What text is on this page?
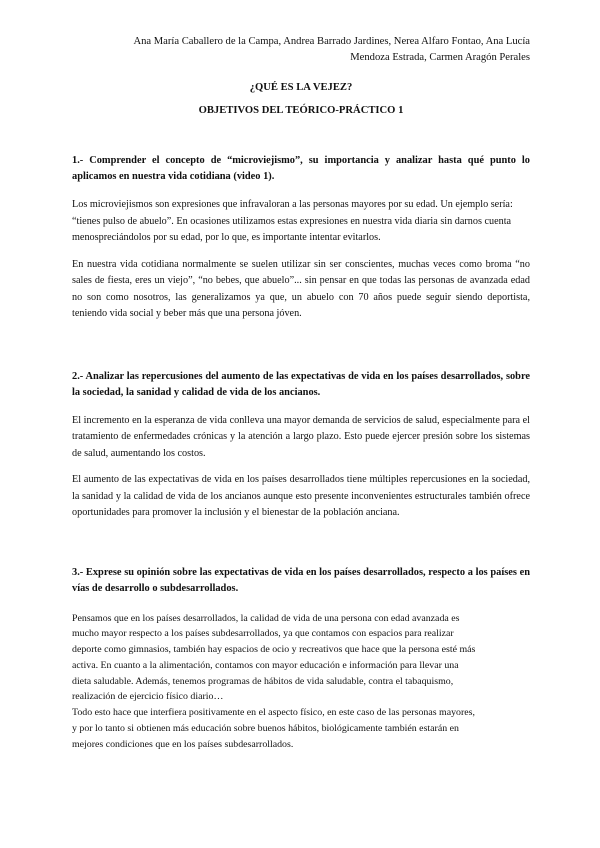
Ana María Caballero de la Campa, Andrea Barrado Jardines, Nerea Alfaro Fontao, Ana Lucía
Mendoza Estrada, Carmen Aragón Perales
¿QUÉ ES LA VEJEZ?
OBJETIVOS DEL TEÓRICO-PRÁCTICO 1
1.- Comprender el concepto de “microviejismo”, su importancia y analizar hasta qué punto lo aplicamos en nuestra vida cotidiana (video 1).

Los microviejismos son expresiones que infravaloran a las personas mayores por su edad. Un ejemplo sería: “tienes pulso de abuelo”. En ocasiones utilizamos estas expresiones en nuestra vida diaria sin darnos cuenta menospreciándolos por su edad, por lo que, es importante intentar evitarlos.

En nuestra vida cotidiana normalmente se suelen utilizar sin ser conscientes, muchas veces como broma “no sales de fiesta, eres un viejo”, “no bebes, que abuelo”... sin pensar en que todas las personas de avanzada edad no son como nosotros, las generalizamos ya que, un abuelo con 70 años puede seguir siendo deportista, teniendo vida social y beber más que una persona jóven.

2.- Analizar las repercusiones del aumento de las expectativas de vida en los países desarrollados, sobre la sociedad, la sanidad y calidad de vida de los ancianos.

El incremento en la esperanza de vida conlleva una mayor demanda de servicios de salud, especialmente para el tratamiento de enfermedades crónicas y la atención a largo plazo. Esto puede ejercer presión sobre los sistemas de salud, aumentando los costos.

El aumento de las expectativas de vida en los países desarrollados tiene múltiples repercusiones en la sociedad, la sanidad y la calidad de vida de los ancianos aunque esto presente inconvenientes estructurales también ofrece oportunidades para promover la inclusión y el bienestar de la población anciana.

3.- Exprese su opinión sobre las expectativas de vida en los países desarrollados, respecto a los países en vías de desarrollo o subdesarrollados.
Pensamos que en los países desarrollados, la calidad de vida de una persona con edad avanzada es
mucho mayor respecto a los países subdesarrollados, ya que contamos con espacios para realizar
deporte como gimnasios, también hay espacios de ocio y recreativos que hace que la persona esté más
activa. En cuanto a la alimentación, contamos con mayor educación e información para llevar una
dieta saludable. Además, tenemos programas de hábitos de vida saludable, contra el tabaquismo,
realización de ejercicio físico diario…
Todo esto hace que interfiera positivamente en el aspecto físico, en este caso de las personas mayores,
y por lo tanto si obtienen más educación sobre buenos hábitos, biológicamente también estarán en
mejores condiciones que en los países subdesarrollados.
